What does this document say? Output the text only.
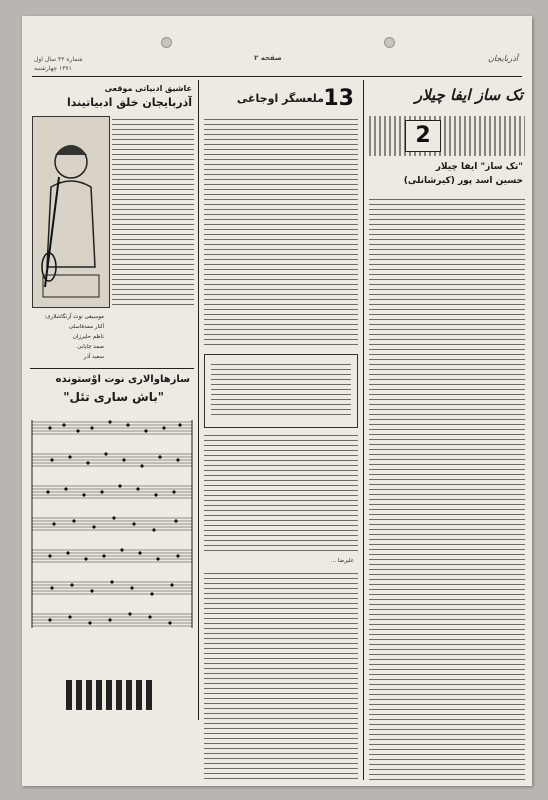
شماره ۴۳ سال اول
۱۳۷۱ چهارشنبه
صفحه ۲	آذربایجان
تک ساز ایفا چیلار
2
"تک ساز" ایفا چیلار
حسین اسد پور (کیرشانلی)
13
ملعسگر اوجاغی
علیرضا ...
عاشیق ادبیاتی موقعی
آذربایجان خلق ادبیاتیندا
موسیقی نوت آرنگاشلاری:
آلتار ممدقاسلی
ناظم حلیرزان
صمد چایانی
سعید آذر
سازهاوالاری نوت اوْستونده
"باش ساری تئل"
